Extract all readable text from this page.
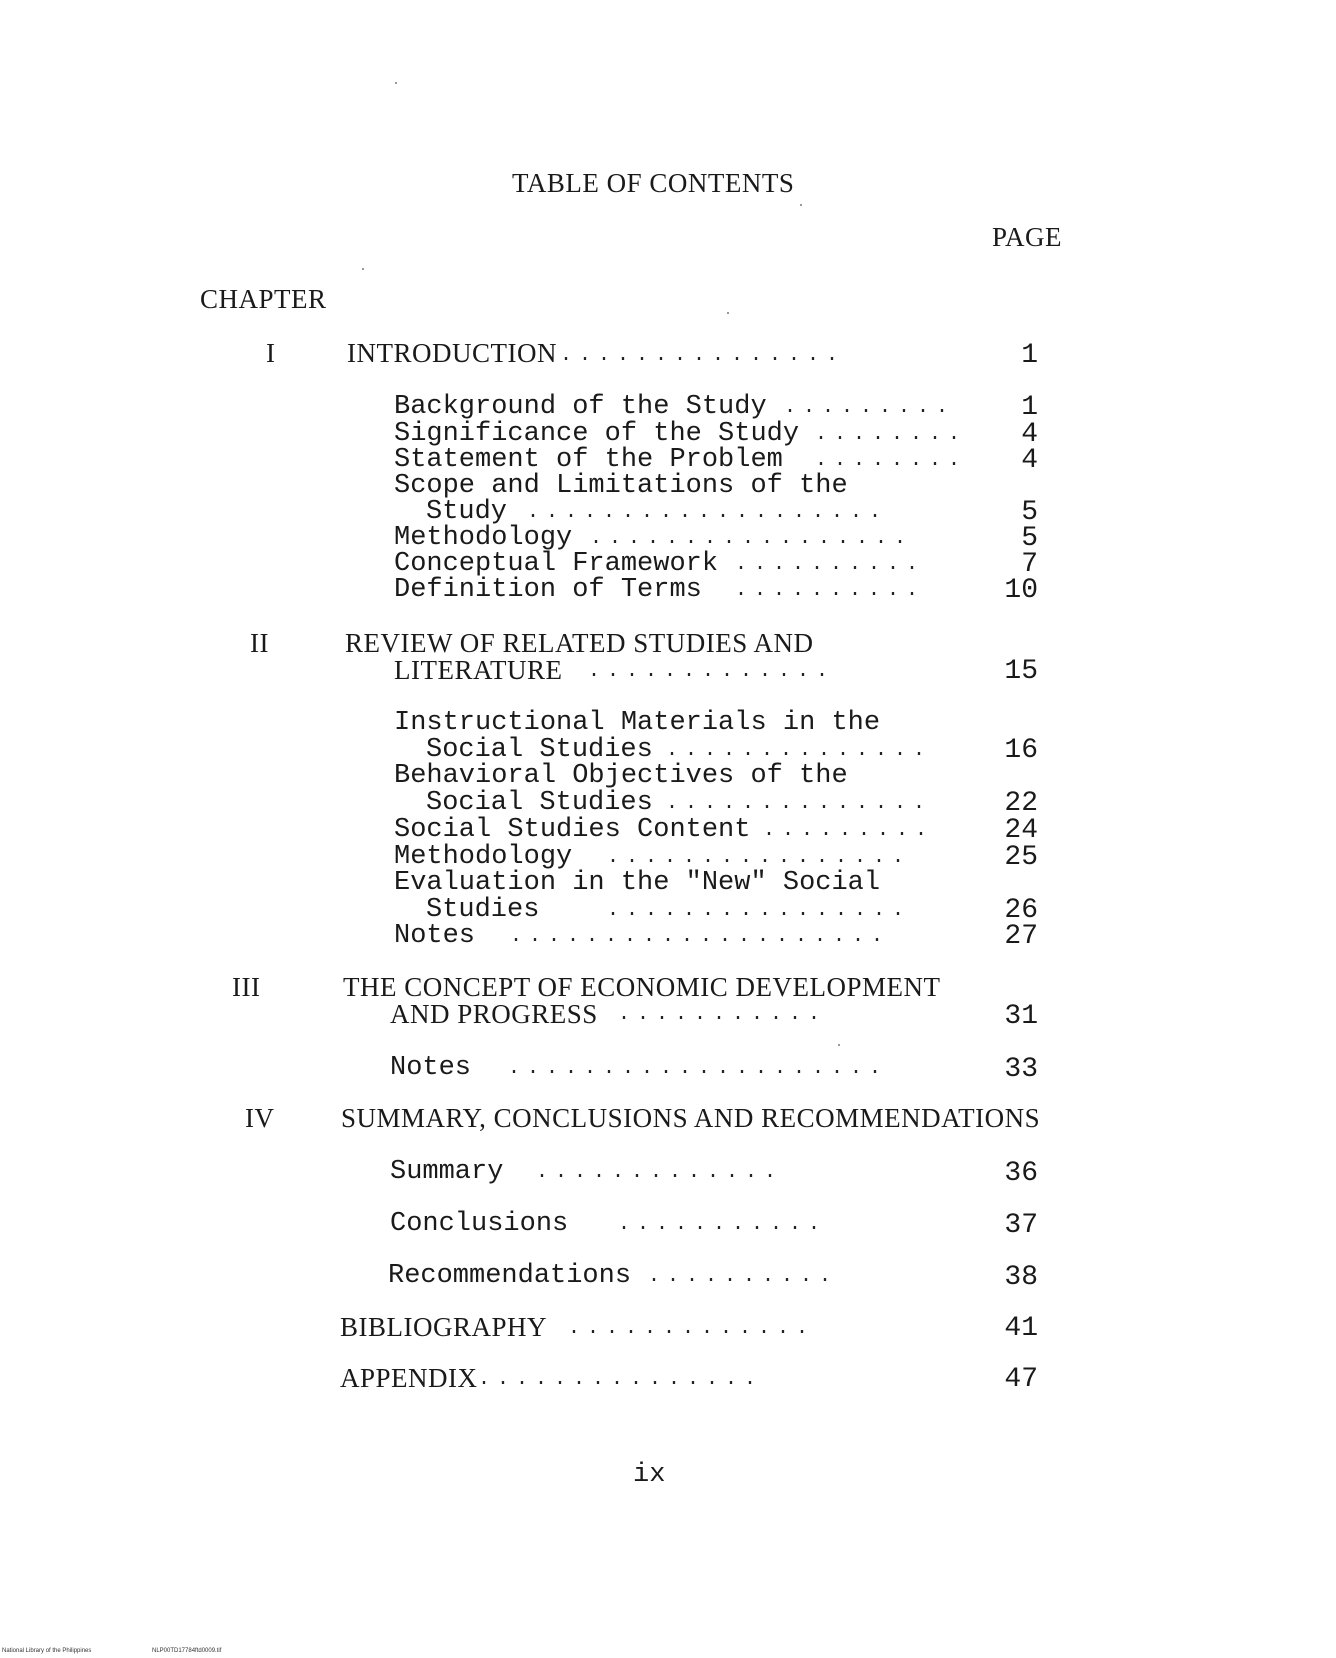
TABLE OF CONTENTS
PAGE
CHAPTER
I	INTRODUCTION ...............	1
Background of the Study .........	1
Significance of the Study ........	4
Statement of the Problem ........	4
Scope and Limitations of the
Study ...................	5
Methodology .................	5
Conceptual Framework ..........	7
Definition of Terms ..........	10
II	REVIEW OF RELATED STUDIES AND
LITERATURE .............	15
Instructional Materials in the
Social Studies ..............	16
Behavioral Objectives of the
Social Studies ..............	22
Social Studies Content .........	24
Methodology ................	25
Evaluation in the "New" Social
Studies	................	26
Notes ....................	27
III	THE CONCEPT OF ECONOMIC DEVELOPMENT
AND PROGRESS ...........	31
Notes ....................	33
IV SUMMARY, CONCLUSIONS AND RECOMMENDATIONS
Summary .............	36
Conclusions ...........	37
Recommendations ..........	38
BIBLIOGRAPHY .............	41
APPENDIX ...............	47
ix
National Library of the Philippines	NLP00TD17784ftd0009.tif
